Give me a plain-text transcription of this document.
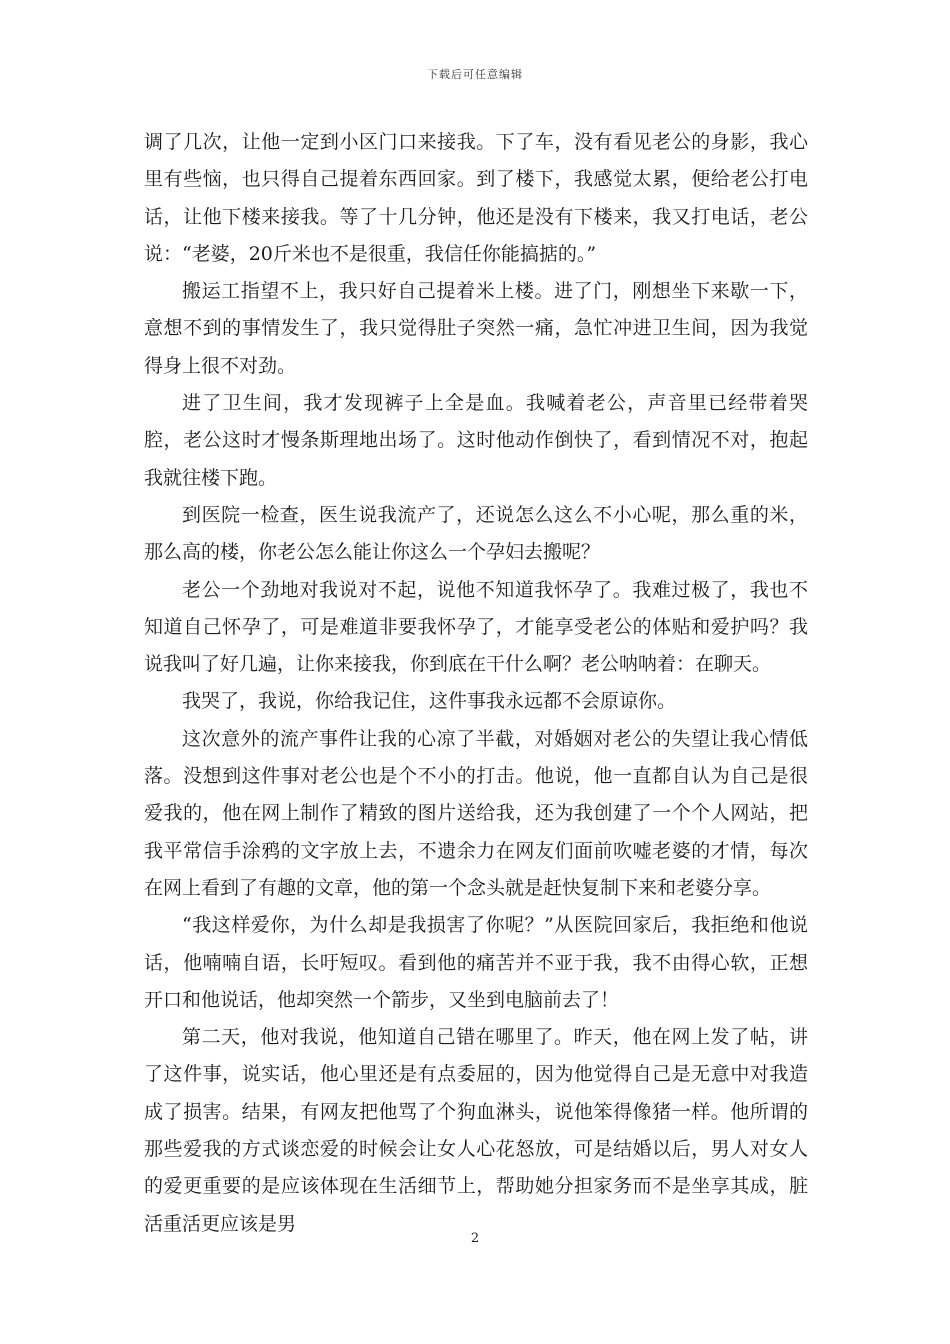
下载后可任意编辑

调了几次，让他一定到小区门口来接我。下了车，没有看见老公的身影，我心里有些恼，也只得自己提着东西回家。到了楼下，我感觉太累，便给老公打电话，让他下楼来接我。等了十几分钟，他还是没有下楼来，我又打电话，老公说：“老婆，20斤米也不是很重，我信任你能搞掂的。”

搬运工指望不上，我只好自己提着米上楼。进了门，刚想坐下来歇一下，意想不到的事情发生了，我只觉得肚子突然一痛，急忙冲进卫生间，因为我觉得身上很不对劲。

进了卫生间，我才发现裤子上全是血。我喊着老公，声音里已经带着哭腔，老公这时才慢条斯理地出场了。这时他动作倒快了，看到情况不对，抱起我就往楼下跑。

到医院一检查，医生说我流产了，还说怎么这么不小心呢，那么重的米，那么高的楼，你老公怎么能让你这么一个孕妇去搬呢？

老公一个劲地对我说对不起，说他不知道我怀孕了。我难过极了，我也不知道自己怀孕了，可是难道非要我怀孕了，才能享受老公的体贴和爱护吗？我说我叫了好几遍，让你来接我，你到底在干什么啊？老公呐呐着：在聊天。

我哭了，我说，你给我记住，这件事我永远都不会原谅你。

这次意外的流产事件让我的心凉了半截，对婚姻对老公的失望让我心情低落。没想到这件事对老公也是个不小的打击。他说，他一直都自认为自己是很爱我的，他在网上制作了精致的图片送给我，还为我创建了一个个人网站，把我平常信手涂鸦的文字放上去，不遗余力在网友们面前吹嘘老婆的才情，每次在网上看到了有趣的文章，他的第一个念头就是赶快复制下来和老婆分享。

“我这样爱你，为什么却是我损害了你呢？”从医院回家后，我拒绝和他说话，他喃喃自语，长吁短叹。看到他的痛苦并不亚于我，我不由得心软，正想开口和他说话，他却突然一个箭步，又坐到电脑前去了！

第二天，他对我说，他知道自己错在哪里了。昨天，他在网上发了帖，讲了这件事，说实话，他心里还是有点委屈的，因为他觉得自己是无意中对我造成了损害。结果，有网友把他骂了个狗血淋头，说他笨得像猪一样。他所谓的那些爱我的方式谈恋爱的时候会让女人心花怒放，可是结婚以后，男人对女人的爱更重要的是应该体现在生活细节上，帮助她分担家务而不是坐享其成，脏活重活更应该是男

2
